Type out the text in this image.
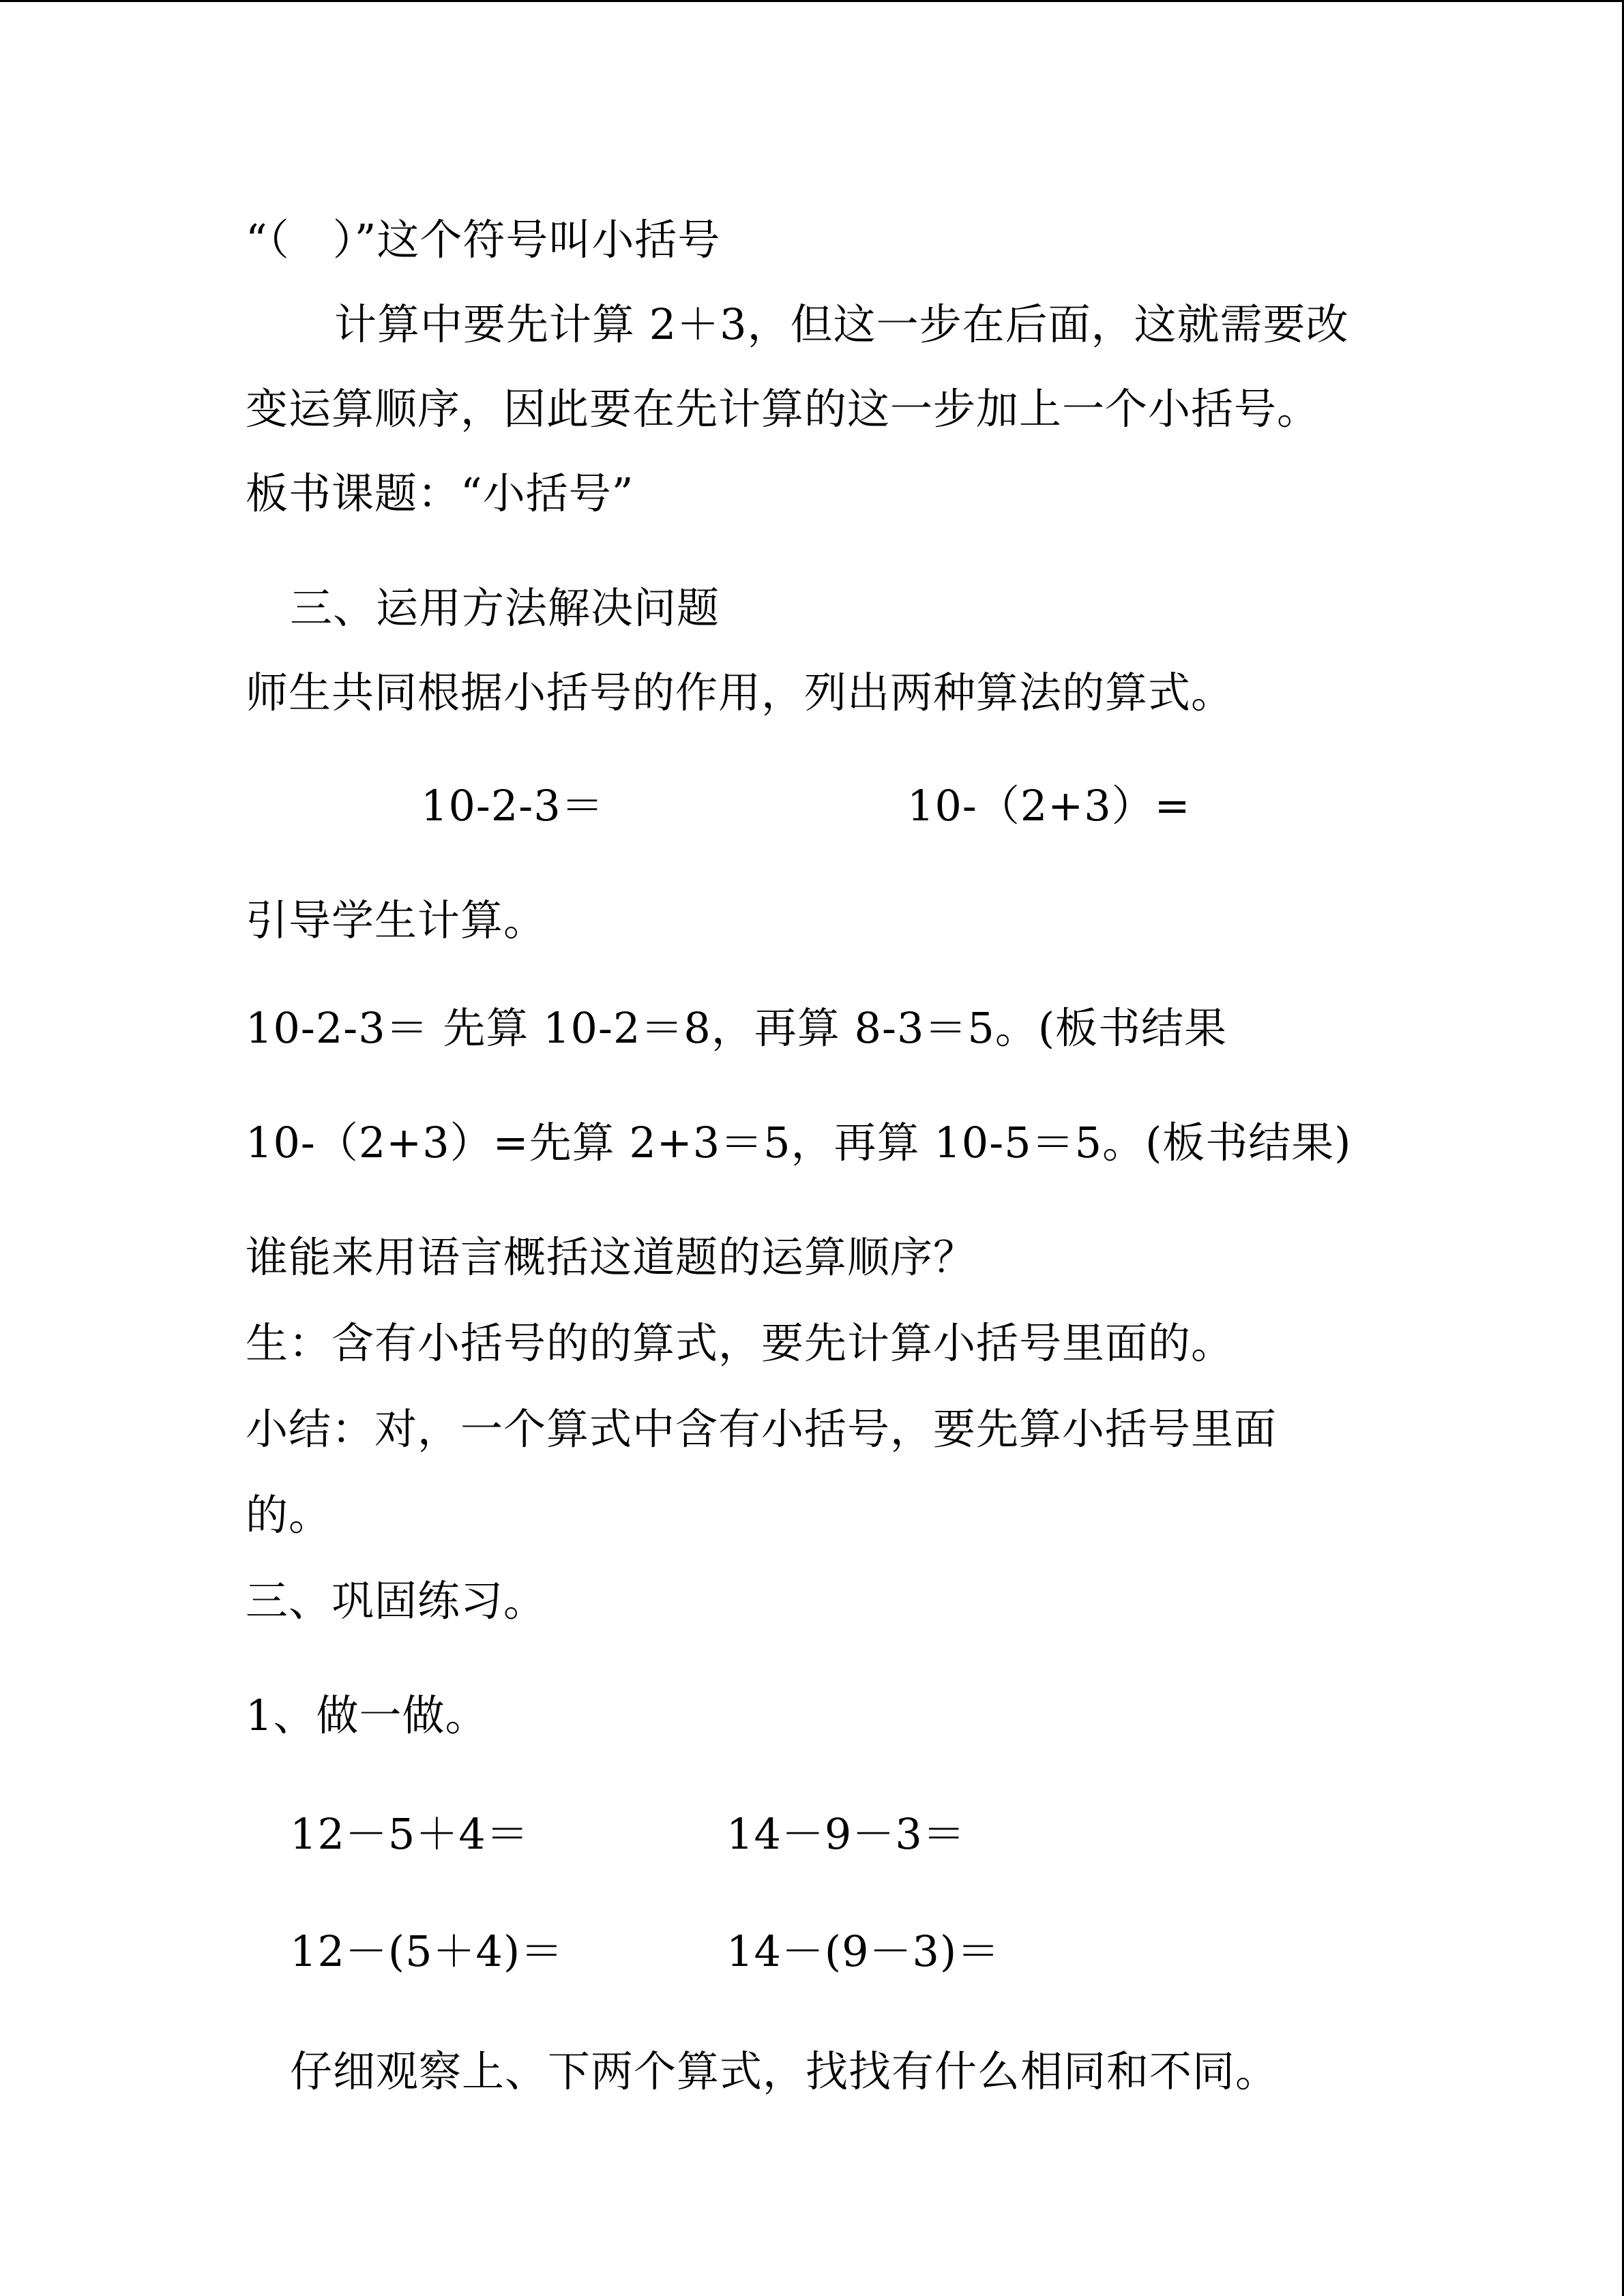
“（　）”这个符号叫小括号
计算中要先计算 2＋3，但这一步在后面，这就需要改
变运算顺序，因此要在先计算的这一步加上一个小括号。
板书课题：“小括号”
三、运用方法解决问题
师生共同根据小括号的作用，列出两种算法的算式。
10-2-3＝	10-（2+3）=
引导学生计算。
10-2-3＝ 先算 10-2＝8，再算 8-3＝5。(板书结果
10-（2+3）=先算 2+3＝5，再算 10-5＝5。(板书结果)
谁能来用语言概括这道题的运算顺序？
生：含有小括号的的算式，要先计算小括号里面的。
小结：对，一个算式中含有小括号，要先算小括号里面
的。
三、巩固练习。
1、做一做。
12－5＋4＝	14－9－3＝
12－(5＋4)＝	14－(9－3)＝
仔细观察上、下两个算式，找找有什么相同和不同。
